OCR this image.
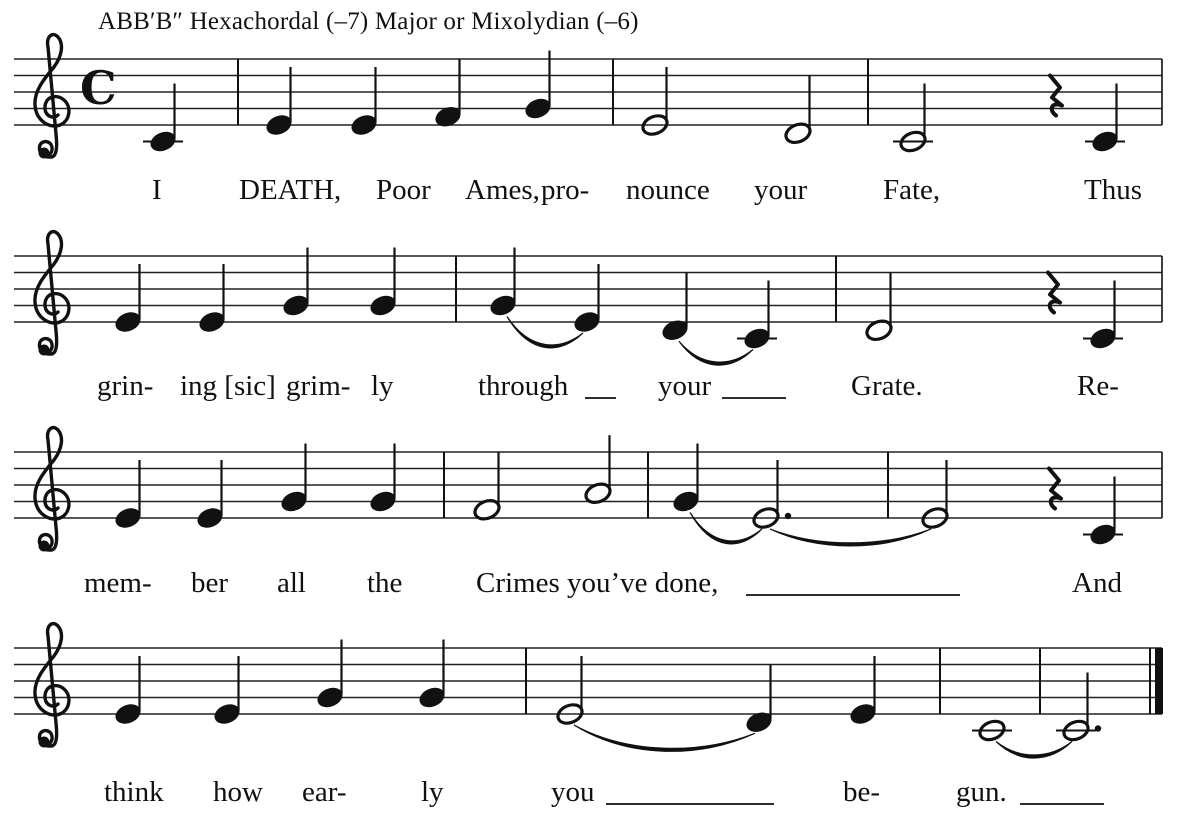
ABB′B″ Hexachordal (–7) Major or Mixolydian (–6)
C
I	DEATH, Poor Ames, pro- nounce your	Fate,	Thus
grin- ing [sic] grim- ly	through	your	Grate.	Re-
mem- ber all the	Crimes you’ve done,	And
think how ear-	ly	you	be-	gun.
